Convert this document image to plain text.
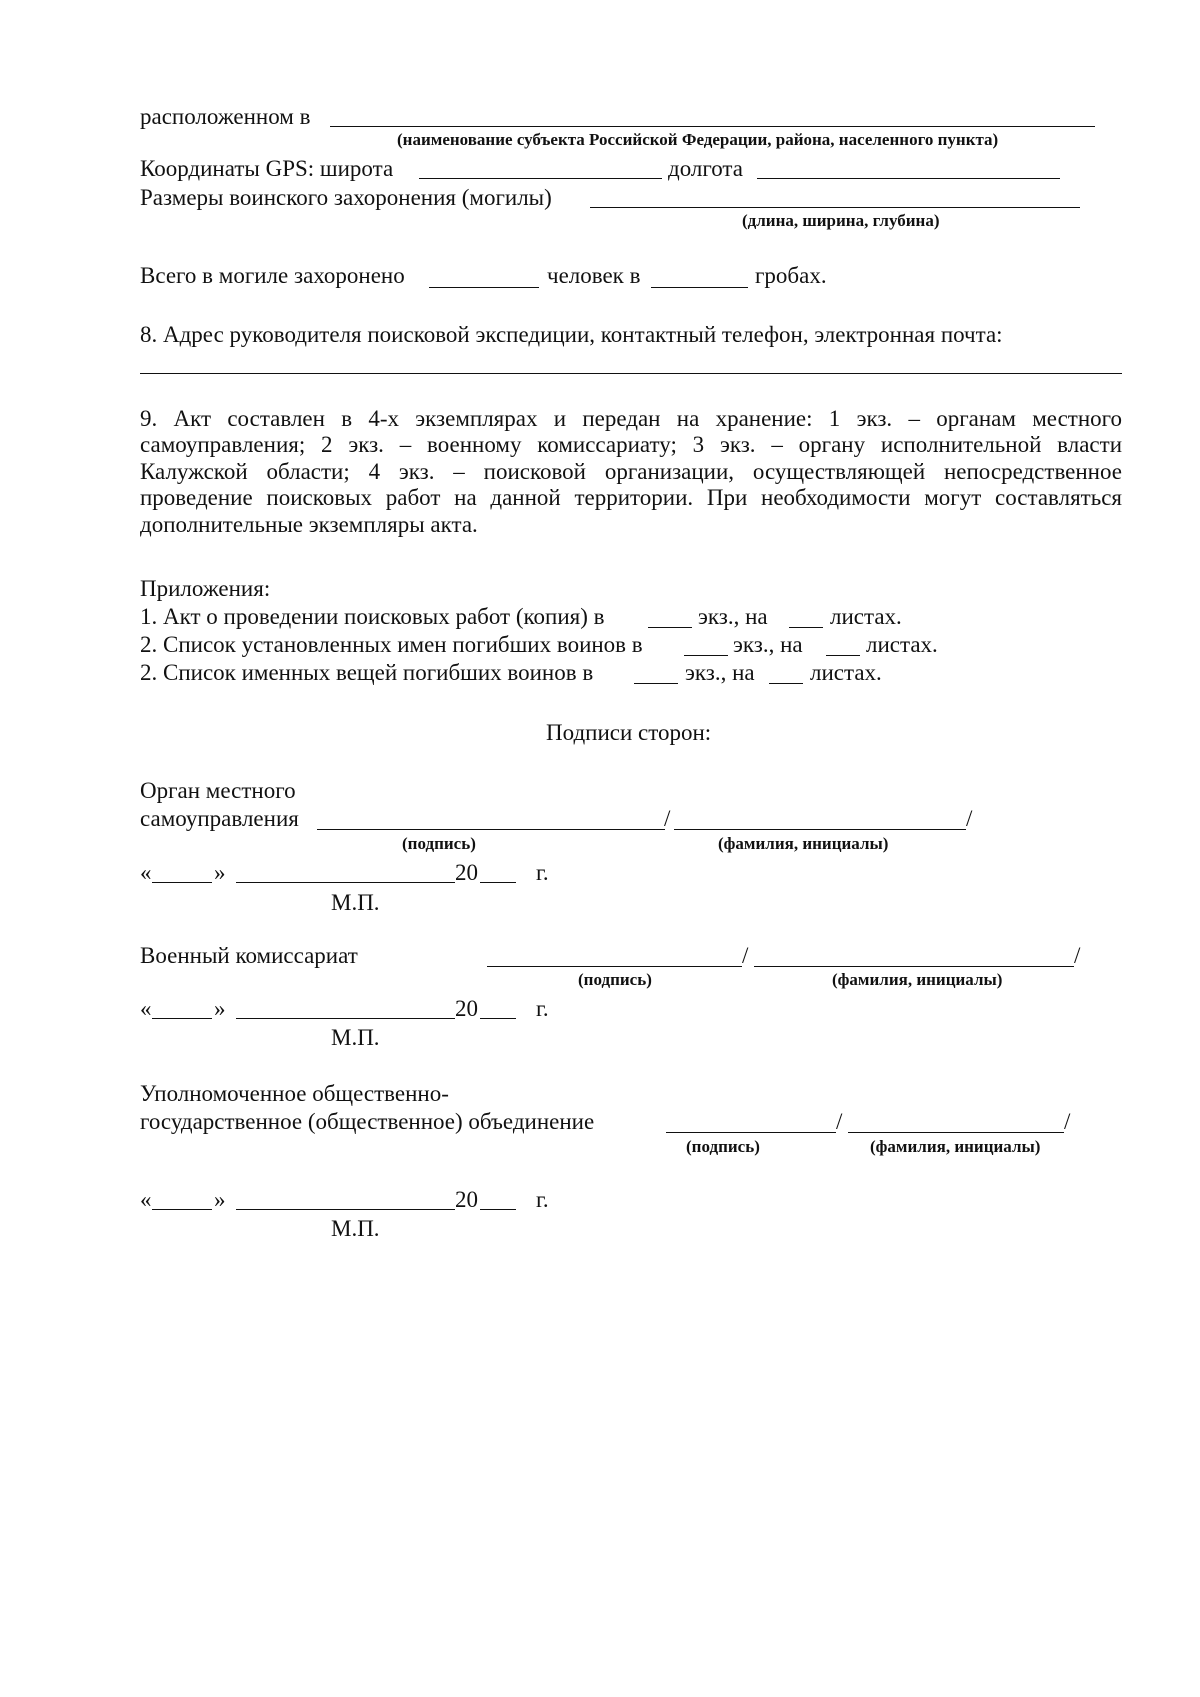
расположенном в
(наименование субъекта Российской Федерации, района, населенного пункта)
Координаты GPS: широта	долгота
Размеры воинского захоронения (могилы)
(длина, ширина, глубина)
Всего в могиле захоронено	человек в	гробах.
8. Адрес руководителя поисковой экспедиции, контактный телефон, электронная почта:
9. Акт составлен в 4-х экземплярах и передан на хранение: 1 экз. – органам местного
самоуправления; 2 экз. – военному комиссариату; 3 экз. – органу исполнительной власти
Калужской области; 4 экз. – поисковой организации, осуществляющей непосредственное
проведение поисковых работ на данной территории. При необходимости могут составляться
дополнительные экземпляры акта.
Приложения:
1. Акт о проведении поисковых работ (копия) в	экз., на	листах.
2. Список установленных имен погибших воинов в	экз., на	листах.
2. Список именных вещей погибших воинов в	экз., на листах.
Подписи сторон:
Орган местного
самоуправления	/	/
(подпись)	(фамилия, инициалы)
«	»	20	г.
М.П.
Военный комиссариат	/	/
(подпись)	(фамилия, инициалы)
«	»	20	г.
М.П.
Уполномоченное общественно-
государственное (общественное) объединение	/	/
(подпись)	(фамилия, инициалы)
«	»	20	г.
М.П.
